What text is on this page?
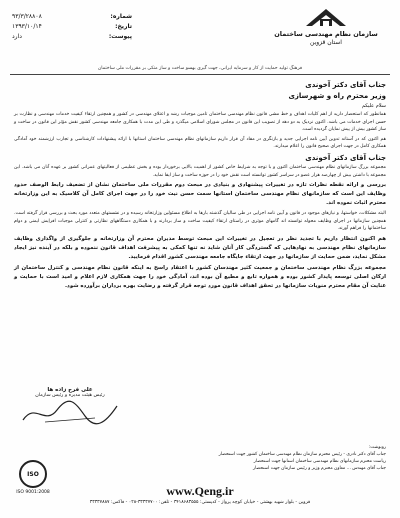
شماره:
۹۳/۳/۲۸۸۰۸
تاریخ:
۱۳۹۳/۱۰/۱۴
پیوست:
دارد	سازمان نظام مهندسی ساختمان
استان قزوین
فرهنگ تولید حمایت از کار و سرمایه ایرانی، جهت گیری بهسو ساخت و ساز متکی بر مقررات ملی ساختمان
جناب آقای دکتر آخوندی
وزیر محترم راه و شهرسازی
سلام علیکم

همانطور که استحضار دارید از اهم کلیات اهداف و خط مشی قانون نظام مهندسی ساختمان تامین موجبات رشد و اعتلای مهندسی در کشور و همچنین ارتقاء کیفیت خدمات مهندسی و نظارت بر حسن اجرای خدمات می باشد. اکنون نزدیک به دو دهه از تصویب این قانون در مجلس شورای اسلامی میگذرد و طی این مدت با همکاری جامعه مهندسی کشور نقش مؤثر این قانون در ساخت و ساز کشور بیش از پیش نمایان گردیده است.

هم اکنون که در آستانه تدوین آیین نامه اجرایی جدید و بازنگری در مفاد آن قرار داریم سازمانهای نظام مهندسی ساختمان استانها با ارائه پیشنهادات کارشناسی و تجارب ارزشمند خود آمادگی همکاری کامل در جهت اجرای صحیح قانون را اعلام میدارند.

جناب آقای دکتر آخوندی

مجموعه بزرگ سازمانهای نظام مهندسی ساختمان اکنون و با توجه به شرایط خاص کشور از اهمیت بالایی برخوردار بوده و بخش عظیمی از فعالیتهای عمرانی کشور بر عهده آنان می باشد. این مجموعه با داشتن بیش از چهارصد هزار عضو در سراسر کشور توانسته است نقش خود را در حوزه ساخت و ساز ایفا نماید.

بررسی و ارائه نقطه نظرات تازه در تغییرات پیشنهادی و بنیادی در مبحث دوم مقررات ملی ساختمان نشان از تضعیف رابط الوصف حدود وظایف این است که سازمانهای نظام مهندسی ساختمان استانها سمت حسن نیت خود را در جهت اجرای کامل آن کلاسیک به این وزارتخانه محترم اثبات نموده اند.

البته مشکلات، خواستها، و نیازهای موجود در قانون و آیین نامه اجرایی در طی سالیان گذشته بارها به اطلاع مسئولین وزارتخانه رسیده و در نشستهای متعدد مورد بحث و بررسی قرار گرفته است. همچنین سازمانها در اجرای وظایف محوله توانسته اند گامهای موثری در راستای ارتقاء کیفیت ساخت و ساز بردارند و با همکاری دستگاههای نظارتی و کنترلی موجبات افزایش ایمنی و دوام ساختمانها را فراهم آورند.

هم اکنون انتظار داریم با تجدید نظر در تعجیل در تغییرات این مبحث توسط مدیران محترم آن وزارتخانه و جلوگیری از واگذاری وظایف سازمانهای نظام مهندسی به نهادهایی که گستردگی کار آنان شاید نه تنها کمکی به پیشرفت اهداف قانون ننموده و بلکه در آینده نیز ایجاد مشکل نماید، ضمن حمایت از سازمانها در جهت ارتقاء جایگاه جامعه مهندسی کشور اقدام فرمایید.

مجموعه بزرگ نظام مهندسی ساختمان و جمعیت کثیر مهندسان کشور با اعتقاد راسخ به اینکه قانون نظام مهندسی و کنترل ساختمان از ارکان اصلی توسعه پایدار کشور بوده و همواره تابع و مطیع آن بوده اند، آمادگی خود را جهت همکاری لازم اعلام و امید است با حمایت و عنایت آن مقام محترم منویات سازمانها در تحقق اهداف قانون مورد توجه قرار گرفته و رضایت بهره برداران برآورده شود.

علی فرج زاده ها
رئیس هیئت مدیره و رئیس سازمان
رونوشت:
جناب آقای دکتر نادری - رئیس محترم سازمان نظام مهندسی ساختمان کشور جهت استحضار
ریاست محترم سازمانهای نظام مهندسی ساختمان استانها جهت استحضار
جناب آقای مهندس ... معاون محترم وزیر و رئیس سازمان جهت استحضار
ISO
ISO 9001:2008	www.Qeng.ir
قزوین - بلوار شهید بهشتی - خیابان کوچه پرواز - کدپستی: ۳۴۱۸۶۸۳۵۵۵ - تلفن: ۳۳۳۳۷۷۰۰-۰۲۸ - فاکس: ۳۳۳۳۷۸۸۷
